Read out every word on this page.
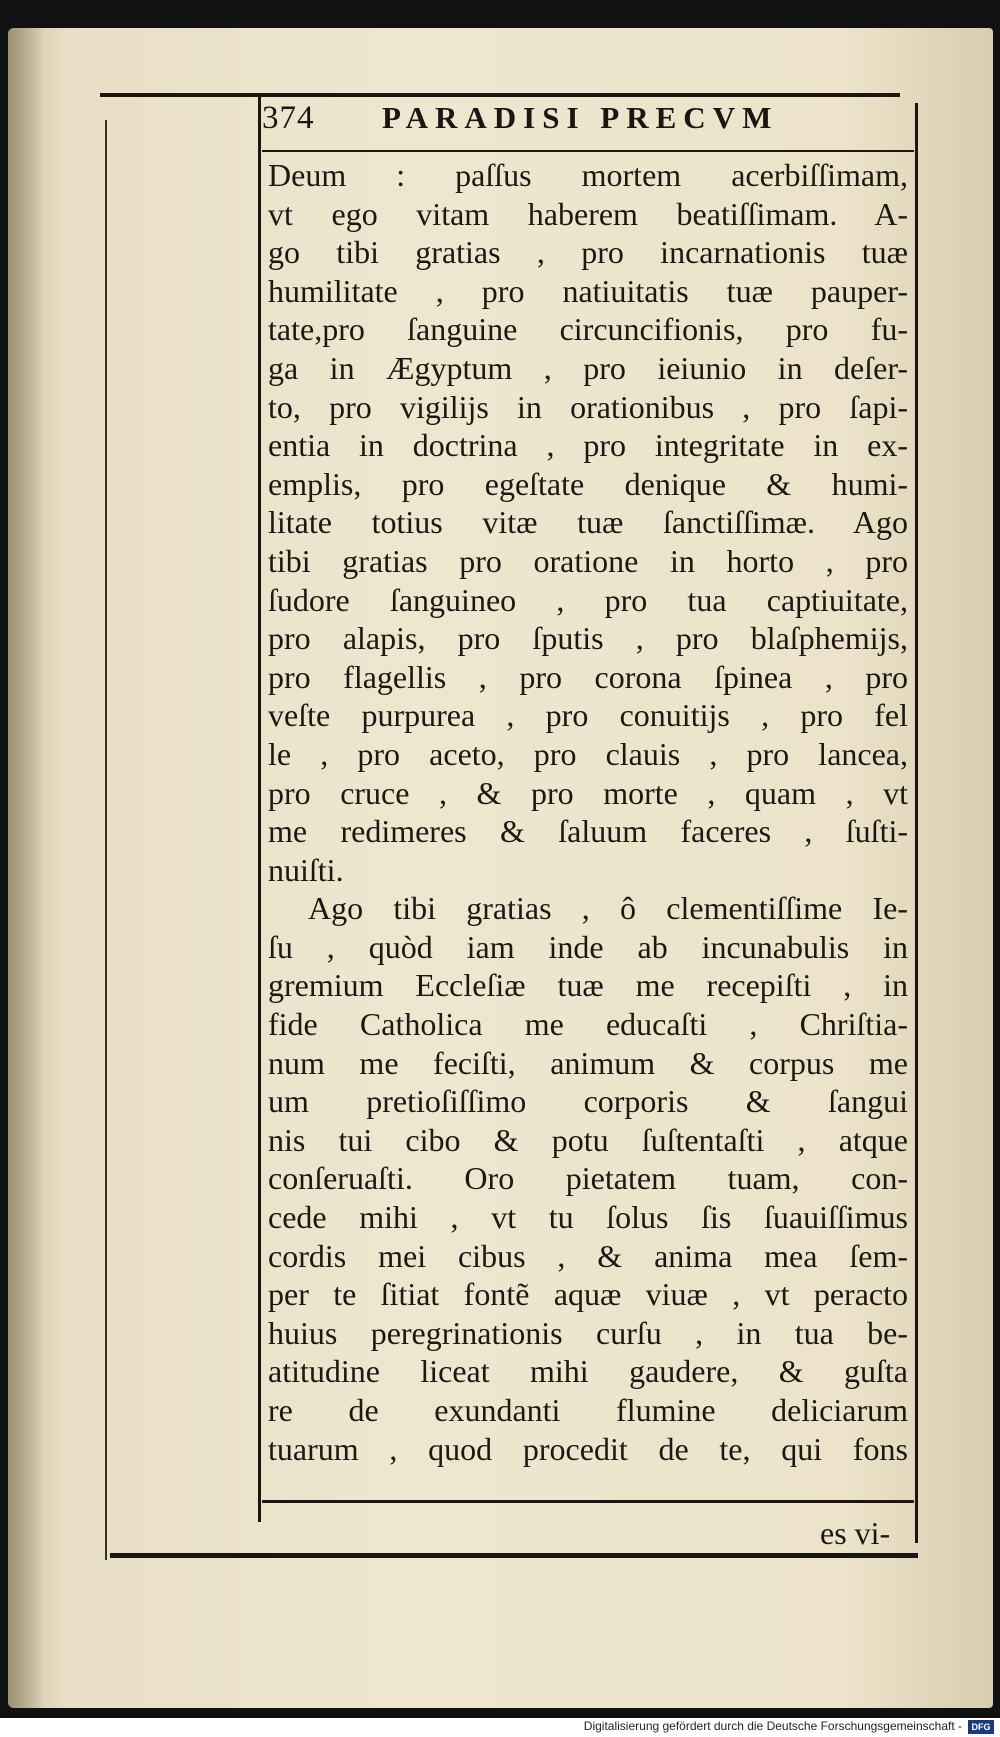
374 PARADISI PRECVM
Deum : paſſus mortem acerbiſſimam,
vt ego vitam haberem beatiſſimam. A-
go tibi gratias , pro incarnationis tuæ
humilitate , pro natiuitatis tuæ pauper-
tate,pro ſanguine circuncifionis, pro fu-
ga in Ægyptum , pro ieiunio in deſer-
to, pro vigilijs in orationibus , pro ſapi-
entia in doctrina , pro integritate in ex-
emplis, pro egeſtate denique & humi-
litate totius vitæ tuæ ſanctiſſimæ. Ago
tibi gratias pro oratione in horto , pro
ſudore ſanguineo , pro tua captiuitate,
pro alapis, pro ſputis , pro blaſphemijs,
pro flagellis , pro corona ſpinea , pro
veſte purpurea , pro conuitijs , pro fel
le , pro aceto, pro clauis , pro lancea,
pro cruce , & pro morte , quam , vt
me redimeres & ſaluum faceres , ſuſti-
nuiſti.
Ago tibi gratias , ô clementiſſime Ie-
ſu , quòd iam inde ab incunabulis in
gremium Eccleſiæ tuæ me recepiſti , in
fide Catholica me educaſti , Chriſtia-
num me feciſti, animum & corpus me
um pretioſiſſimo corporis & ſangui
nis tui cibo & potu ſuſtentaſti , atque
conſeruaſti. Oro pietatem tuam, con-
cede mihi , vt tu ſolus ſis ſuauiſſimus
cordis mei cibus , & anima mea ſem-
per te ſitiat fontẽ aquæ viuæ , vt peracto
huius peregrinationis curſu , in tua be-
atitudine liceat mihi gaudere, & guſta
re de exundanti flumine deliciarum
tuarum , quod procedit de te, qui fons
es vi-
Digitalisierung gefördert durch die Deutsche Forschungsgemeinschaft -	DFG
